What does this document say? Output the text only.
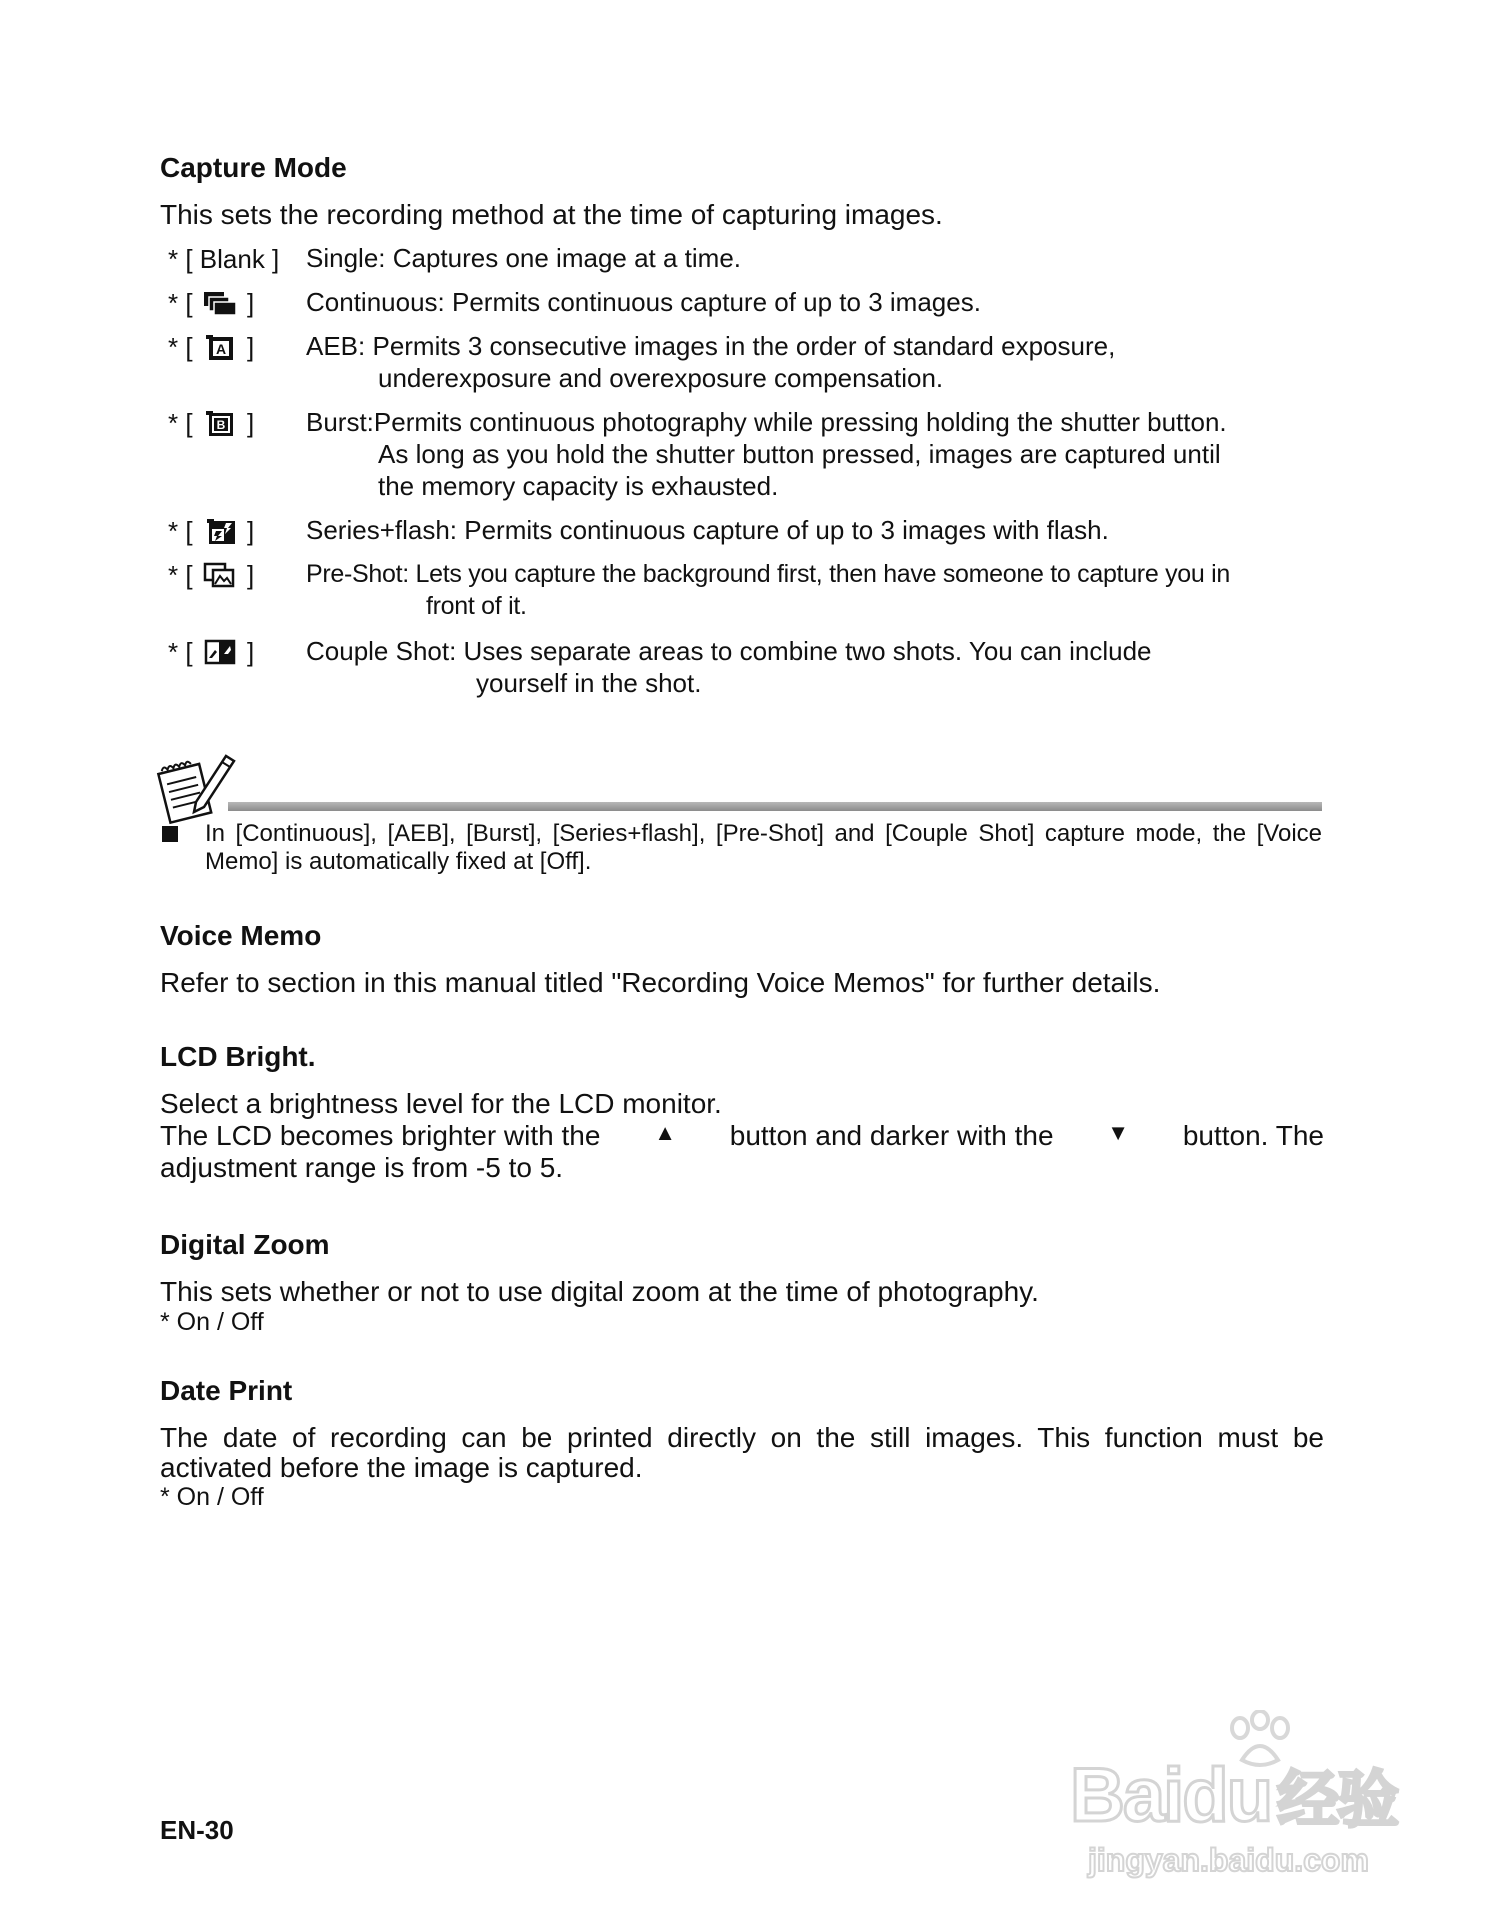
Capture Mode
This sets the recording method at the time of capturing images.
* [ Blank ] Single: Captures one image at a time.
* [ ] Continuous: Permits continuous capture of up to 3 images.
* [ A ] AEB: Permits 3 consecutive images in the order of standard exposure,
underexposure and overexposure compensation.
* [ B ] Burst:Permits continuous photography while pressing holding the shutter button.
As long as you hold the shutter button pressed, images are captured until
the memory capacity is exhausted.
* [ ] Series+flash: Permits continuous capture of up to 3 images with flash.
* [ ] Pre-Shot: Lets you capture the background first, then have someone to capture you in
front of it.
* [ ] Couple Shot: Uses separate areas to combine two shots. You can include
yourself in the shot.
In [Continuous], [AEB], [Burst], [Series+flash], [Pre-Shot] and [Couple Shot] capture mode, the [Voice Memo] is automatically fixed at [Off].
Voice Memo
Refer to section in this manual titled "Recording Voice Memos" for further details.
LCD Bright.
Select a brightness level for the LCD monitor.
The LCD becomes brighter with the ▲ button and darker with the ▼ button. The
adjustment range is from -5 to 5.
Digital Zoom
This sets whether or not to use digital zoom at the time of photography.
* On / Off
Date Print
The date of recording can be printed directly on the still images. This function must be
activated before the image is captured.
* On / Off
EN-30	Baidu经验
jingyan.baidu.com
